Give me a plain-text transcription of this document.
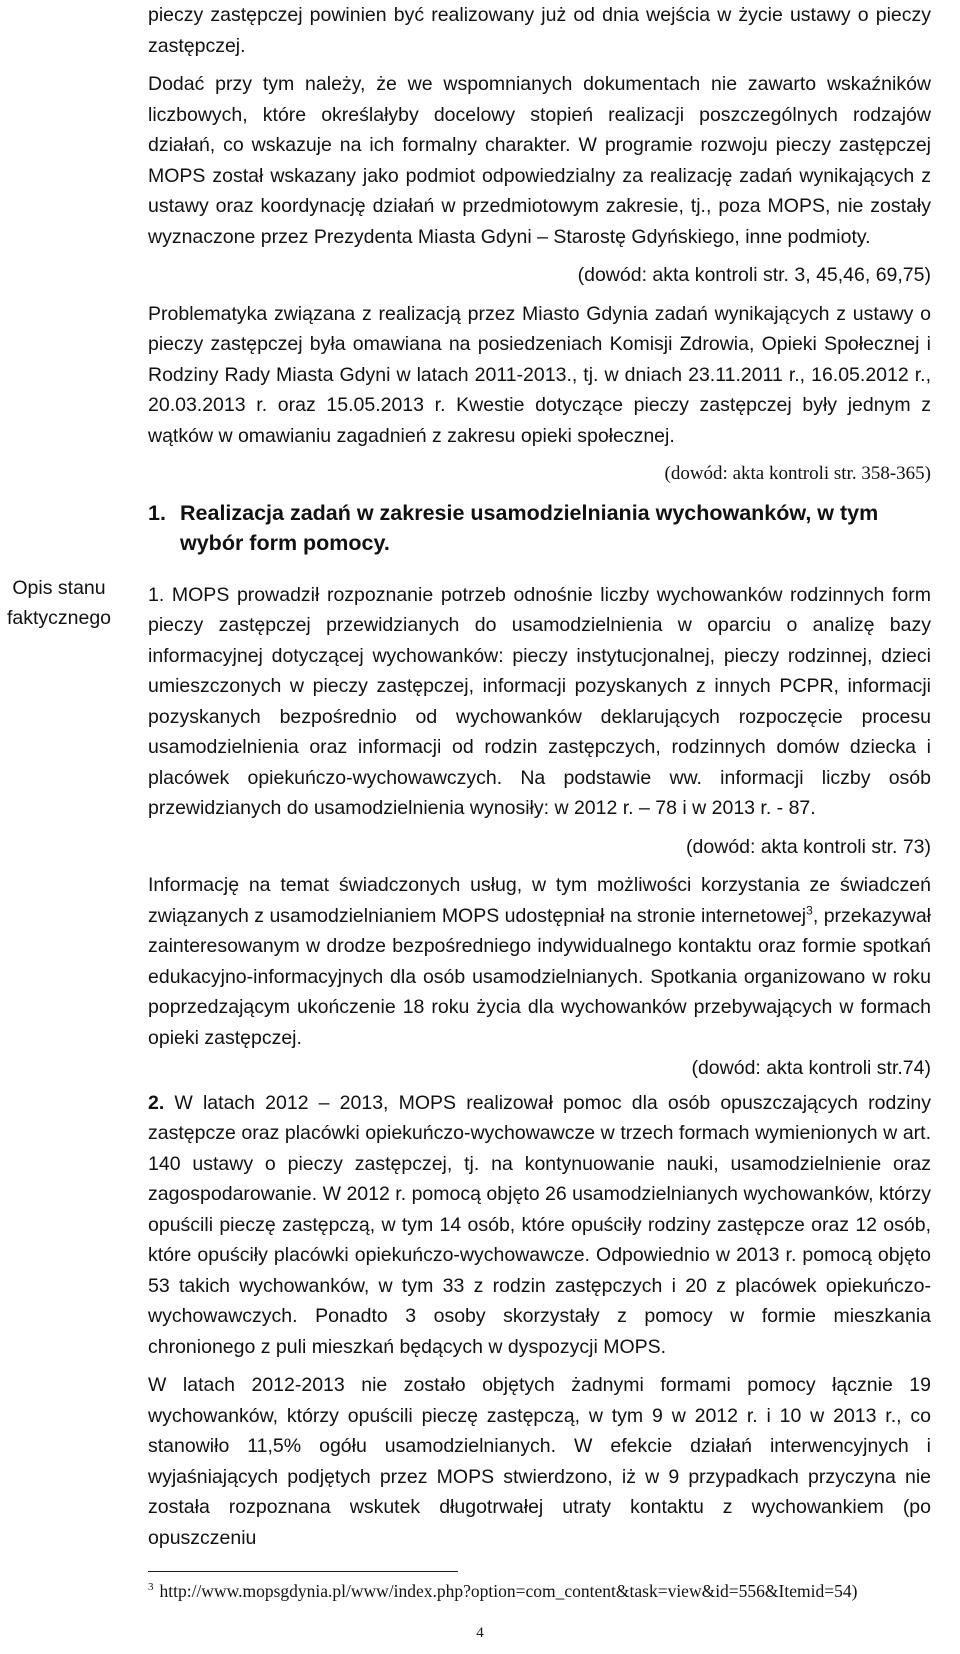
Opis stanu
faktycznego

pieczy zastępczej powinien być realizowany już od dnia wejścia w życie ustawy o pieczy zastępczej.

Dodać przy tym należy, że we wspomnianych dokumentach nie zawarto wskaźników liczbowych, które określałyby docelowy stopień realizacji poszczególnych rodzajów działań, co wskazuje na ich formalny charakter. W programie rozwoju pieczy zastępczej MOPS został wskazany jako podmiot odpowiedzialny za realizację zadań wynikających z ustawy oraz koordynację działań w przedmiotowym zakresie, tj., poza MOPS, nie zostały wyznaczone przez Prezydenta Miasta Gdyni – Starostę Gdyńskiego, inne podmioty.

(dowód: akta kontroli str. 3, 45,46, 69,75)

Problematyka związana z realizacją przez Miasto Gdynia zadań wynikających z ustawy o pieczy zastępczej była omawiana na posiedzeniach Komisji Zdrowia, Opieki Społecznej i Rodziny Rady Miasta Gdyni w latach 2011-2013., tj. w dniach 23.11.2011 r., 16.05.2012 r., 20.03.2013 r. oraz 15.05.2013 r. Kwestie dotyczące pieczy zastępczej były jednym z wątków w omawianiu zagadnień z zakresu opieki społecznej.

(dowód: akta kontroli str. 358-365)

1. Realizacja zadań w zakresie usamodzielniania wychowanków, w tym wybór form pomocy.

1. MOPS prowadził rozpoznanie potrzeb odnośnie liczby wychowanków rodzinnych form pieczy zastępczej przewidzianych do usamodzielnienia w oparciu o analizę bazy informacyjnej dotyczącej wychowanków: pieczy instytucjonalnej, pieczy rodzinnej, dzieci umieszczonych w pieczy zastępczej, informacji pozyskanych z innych PCPR, informacji pozyskanych bezpośrednio od wychowanków deklarujących rozpoczęcie procesu usamodzielnienia oraz informacji od rodzin zastępczych, rodzinnych domów dziecka i placówek opiekuńczo-wychowawczych. Na podstawie ww. informacji liczby osób przewidzianych do usamodzielnienia wynosiły: w 2012 r. – 78 i w 2013 r. - 87.

(dowód: akta kontroli str. 73)

Informację na temat świadczonych usług, w tym możliwości korzystania ze świadczeń związanych z usamodzielnianiem MOPS udostępniał na stronie internetowej$^3$, przekazywał zainteresowanym w drodze bezpośredniego indywidualnego kontaktu oraz formie spotkań edukacyjno-informacyjnych dla osób usamodzielnianych. Spotkania organizowano w roku poprzedzającym ukończenie 18 roku życia dla wychowanków przebywających w formach opieki zastępczej.

(dowód: akta kontroli str.74)

2. W latach 2012 – 2013, MOPS realizował pomoc dla osób opuszczających rodziny zastępcze oraz placówki opiekuńczo-wychowawcze w trzech formach wymienionych w art. 140 ustawy o pieczy zastępczej, tj. na kontynuowanie nauki, usamodzielnienie oraz zagospodarowanie. W 2012 r. pomocą objęto 26 usamodzielnianych wychowanków, którzy opuścili pieczę zastępczą, w tym 14 osób, które opuściły rodziny zastępcze oraz 12 osób, które opuściły placówki opiekuńczo-wychowawcze. Odpowiednio w 2013 r. pomocą objęto 53 takich wychowanków, w tym 33 z rodzin zastępczych i 20 z placówek opiekuńczo-wychowawczych. Ponadto 3 osoby skorzystały z pomocy w formie mieszkania chronionego z puli mieszkań będących w dyspozycji MOPS.

W latach 2012-2013 nie zostało objętych żadnymi formami pomocy łącznie 19 wychowanków, którzy opuścili pieczę zastępczą, w tym 9 w 2012 r. i 10 w 2013 r., co stanowiło 11,5% ogółu usamodzielnianych. W efekcie działań interwencyjnych i wyjaśniających podjętych przez MOPS stwierdzono, iż w 9 przypadkach przyczyna nie została rozpoznana wskutek długotrwałej utraty kontaktu z wychowankiem (po opuszczeniu

$^3$ http://www.mopsgdynia.pl/www/index.php?option=com_content&task=view&id=556&Itemid=54)
4
